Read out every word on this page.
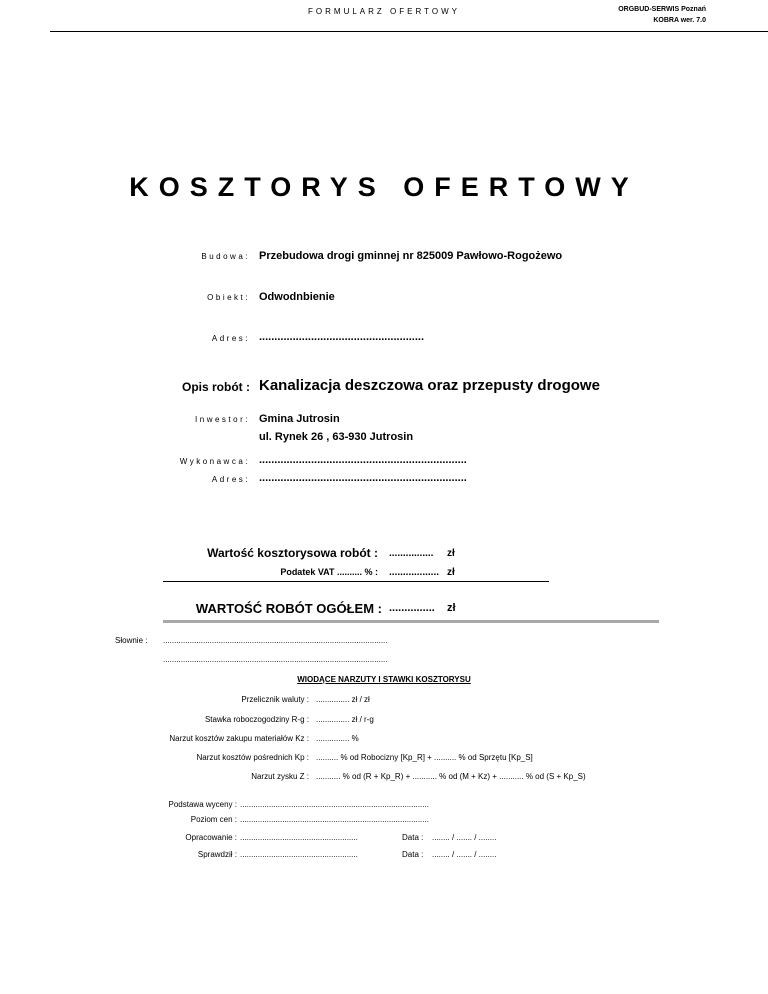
FORMULARZ OFERTOWY	ORGBUD-SERWIS Poznań
KOBRA wer. 7.0
KOSZTORYS OFERTOWY
Budowa: Przebudowa drogi gminnej nr 825009 Pawłowo-Rogożewo
Obiekt: Odwodnbienie
Adres: ......................................................
Opis robót : Kanalizacja deszczowa oraz przepusty drogowe
Inwestor: Gmina Jutrosin
ul. Rynek 26 , 63-930 Jutrosin
Wykonawca: ....................................................................
Adres: ....................................................................
Wartość kosztorysowa robót : ................ zł
Podatek VAT .......... % : .................. zł
WARTOŚĆ ROBÓT OGÓŁEM : ............... zł
Słownie : .....................................................................................................
.....................................................................................................
WIODĄCE NARZUTY I STAWKI KOSZTORYSU
Przelicznik waluty : ............... zł / zł
Stawka roboczogodziny R-g : ............... zł / r-g
Narzut kosztów zakupu materiałów Kz : ............... %
Narzut kosztów pośrednich Kp : .......... % od Robocizny [Kp_R] + .......... % od Sprzętu [Kp_S]
Narzut zysku Z : ........... % od (R + Kp_R) + ........... % od (M + Kz) + ........... % od (S + Kp_S)
Podstawa wyceny : .....................................................................................
Poziom cen : .....................................................................................
Opracowanie : .....................................................	Data : ........ / ....... / ........
Sprawdził : .....................................................	Data : ........ / ....... / ........
